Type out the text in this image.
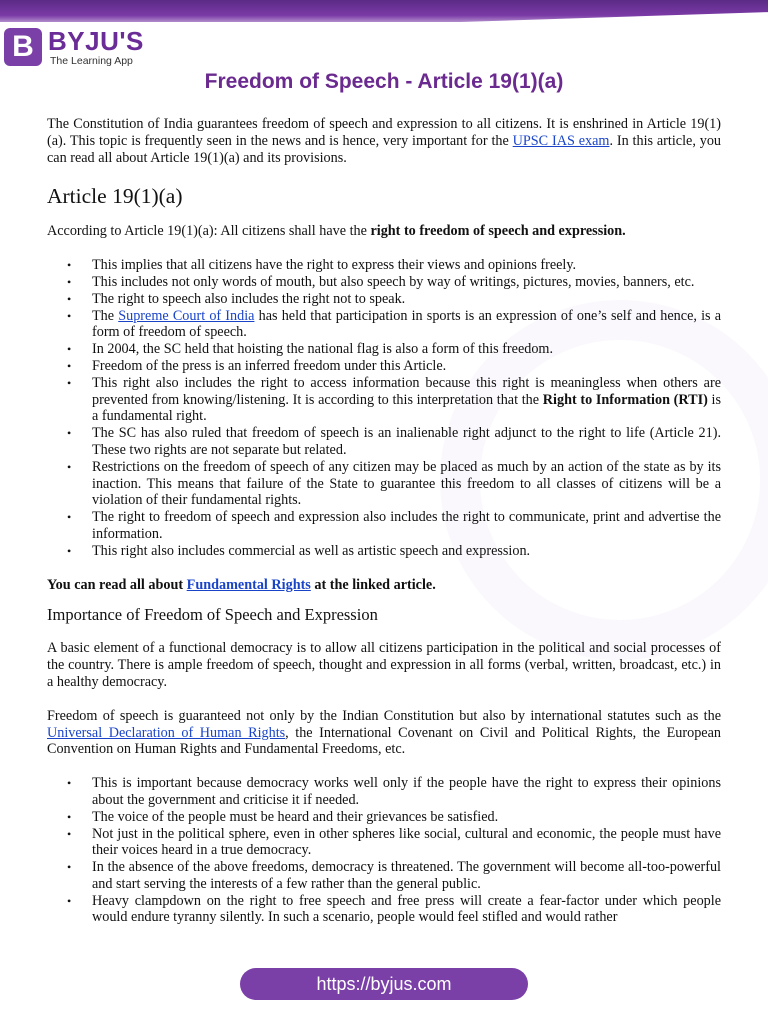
B BYJU'S
The Learning App
Freedom of Speech - Article 19(1)(a)

The Constitution of India guarantees freedom of speech and expression to all citizens. It is enshrined in Article 19(1)(a). This topic is frequently seen in the news and is hence, very important for the UPSC IAS exam. In this article, you can read all about Article 19(1)(a) and its provisions.

Article 19(1)(a)

According to Article 19(1)(a): All citizens shall have the right to freedom of speech and expression.

• This implies that all citizens have the right to express their views and opinions freely.
• This includes not only words of mouth, but also speech by way of writings, pictures, movies, banners, etc.
• The right to speech also includes the right not to speak.
• The Supreme Court of India has held that participation in sports is an expression of one’s self and hence, is a form of freedom of speech.
• In 2004, the SC held that hoisting the national flag is also a form of this freedom.
• Freedom of the press is an inferred freedom under this Article.
• This right also includes the right to access information because this right is meaningless when others are prevented from knowing/listening. It is according to this interpretation that the Right to Information (RTI) is a fundamental right.
• The SC has also ruled that freedom of speech is an inalienable right adjunct to the right to life (Article 21). These two rights are not separate but related.
• Restrictions on the freedom of speech of any citizen may be placed as much by an action of the state as by its inaction. This means that failure of the State to guarantee this freedom to all classes of citizens will be a violation of their fundamental rights.
• The right to freedom of speech and expression also includes the right to communicate, print and advertise the information.
• This right also includes commercial as well as artistic speech and expression.

You can read all about Fundamental Rights at the linked article.

Importance of Freedom of Speech and Expression

A basic element of a functional democracy is to allow all citizens participation in the political and social processes of the country. There is ample freedom of speech, thought and expression in all forms (verbal, written, broadcast, etc.) in a healthy democracy.

Freedom of speech is guaranteed not only by the Indian Constitution but also by international statutes such as the Universal Declaration of Human Rights, the International Covenant on Civil and Political Rights, the European Convention on Human Rights and Fundamental Freedoms, etc.

• This is important because democracy works well only if the people have the right to express their opinions about the government and criticise it if needed.
• The voice of the people must be heard and their grievances be satisfied.
• Not just in the political sphere, even in other spheres like social, cultural and economic, the people must have their voices heard in a true democracy.
• In the absence of the above freedoms, democracy is threatened. The government will become all-too-powerful and start serving the interests of a few rather than the general public.
• Heavy clampdown on the right to free speech and free press will create a fear-factor under which people would endure tyranny silently. In such a scenario, people would feel stifled and would rather
https://byjus.com
